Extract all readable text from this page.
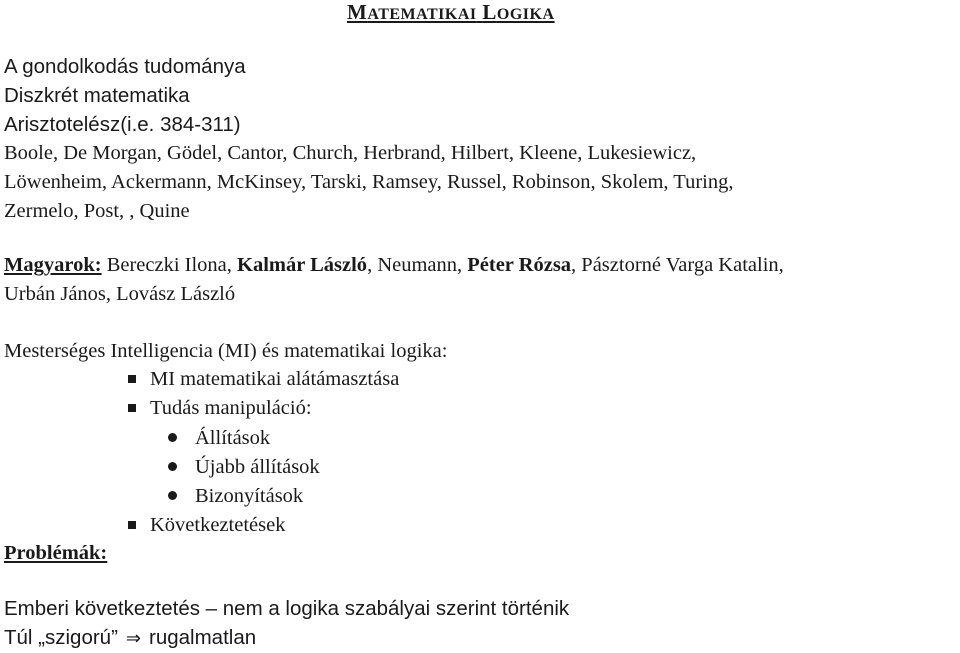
MATEMATIKAI LOGIKA
A gondolkodás tudománya
Diszkrét matematika
Arisztotelész(i.e. 384-311)
Boole, De Morgan, Gödel, Cantor, Church, Herbrand, Hilbert, Kleene, Lukesiewicz,
Löwenheim, Ackermann, McKinsey, Tarski, Ramsey, Russel, Robinson, Skolem, Turing,
Zermelo, Post, , Quine
Magyarok: Bereczki Ilona, Kalmár László, Neumann, Péter Rózsa, Pásztorné Varga Katalin,
Urbán János, Lovász László
Mesterséges Intelligencia (MI) és matematikai logika:
MI matematikai alátámasztása
Tudás manipuláció:
Állítások
Újabb állítások
Bizonyítások
Következtetések
Problémák:
Emberi következtetés – nem a logika szabályai szerint történik
Túl „szigorú” ⇒ rugalmatlan
